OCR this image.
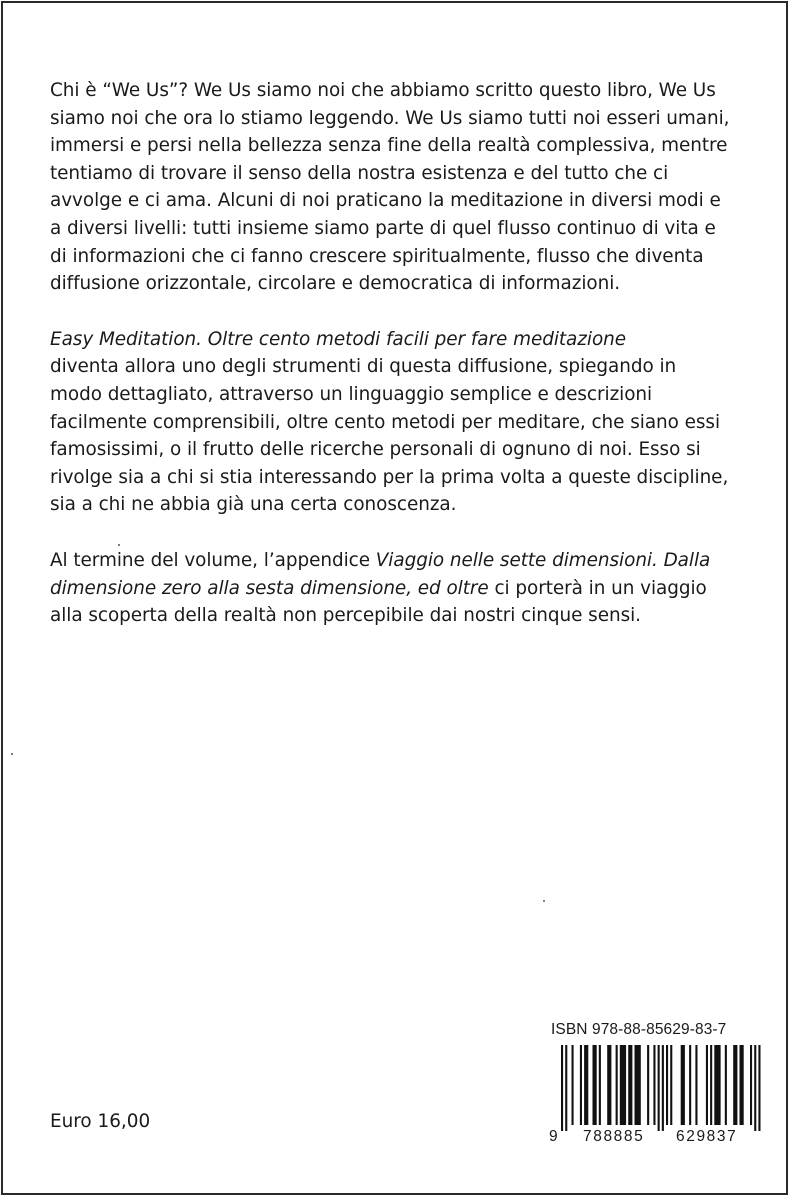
Chi è “We Us”? We Us siamo noi che abbiamo scritto questo libro, We Us siamo noi che ora lo stiamo leggendo. We Us siamo tutti noi esseri umani, immersi e persi nella bellezza senza fine della realtà complessiva, mentre tentiamo di trovare il senso della nostra esistenza e del tutto che ci avvolge e ci ama. Alcuni di noi praticano la meditazione in diversi modi e a diversi livelli: tutti insieme siamo parte di quel flusso continuo di vita e di informazioni che ci fanno crescere spiritualmente, flusso che diventa diffusione orizzontale, circolare e democratica di informazioni.

Easy Meditation. Oltre cento metodi facili per fare meditazione
diventa allora uno degli strumenti di questa diffusione, spiegando in modo dettagliato, attraverso un linguaggio semplice e descrizioni facilmente comprensibili, oltre cento metodi per meditare, che siano essi famosissimi, o il frutto delle ricerche personali di ognuno di noi. Esso si rivolge sia a chi si stia interessando per la prima volta a queste discipline, sia a chi ne abbia già una certa conoscenza.

Al termine del volume, l’appendice Viaggio nelle sette dimensioni. Dalla dimensione zero alla sesta dimensione, ed oltre ci porterà in un viaggio alla scoperta della realtà non percepibile dai nostri cinque sensi.

ISBN 978-88-85629-83-7
9 788885 629837
Euro 16,00
